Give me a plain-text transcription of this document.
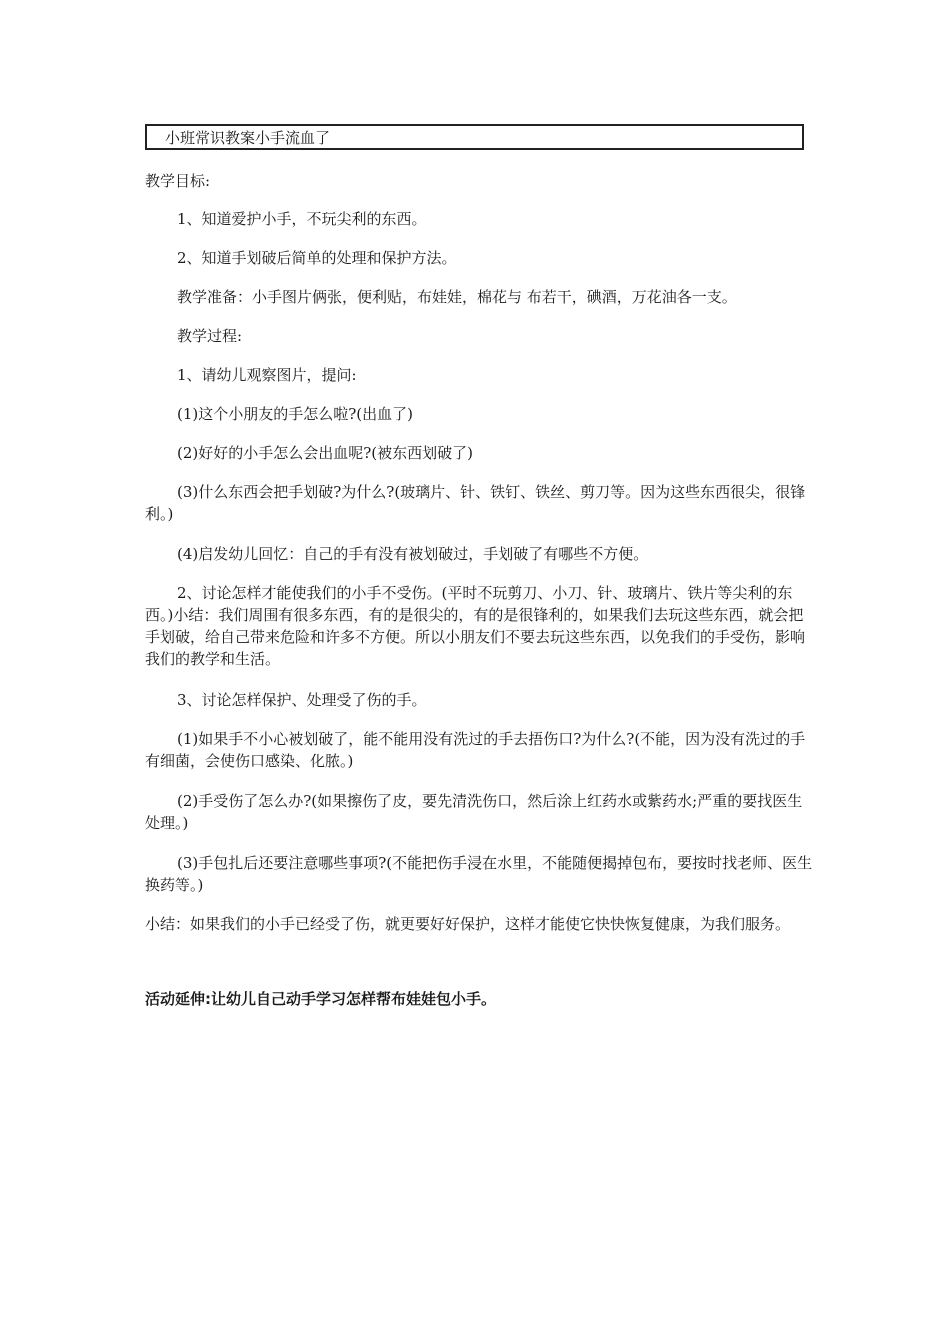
小班常识教案小手流血了

教学目标:

1、知道爱护小手，不玩尖利的东西。

2、知道手划破后简单的处理和保护方法。

教学准备：小手图片俩张，便利贴，布娃娃，棉花与 布若干，碘酒，万花油各一支。

教学过程:

1、请幼儿观察图片，提问:

(1)这个小朋友的手怎么啦?(出血了)

(2)好好的小手怎么会出血呢?(被东西划破了)

(3)什么东西会把手划破?为什么?(玻璃片、针、铁钉、铁丝、剪刀等。因为这些东西很尖，很锋利。)

(4)启发幼儿回忆：自己的手有没有被划破过，手划破了有哪些不方便。

2、讨论怎样才能使我们的小手不受伤。(平时不玩剪刀、小刀、针、玻璃片、铁片等尖利的东西。)小结：我们周围有很多东西，有的是很尖的，有的是很锋利的，如果我们去玩这些东西，就会把手划破，给自己带来危险和许多不方便。所以小朋友们不要去玩这些东西，以免我们的手受伤，影响我们的教学和生活。

3、讨论怎样保护、处理受了伤的手。

(1)如果手不小心被划破了，能不能用没有洗过的手去捂伤口?为什么?(不能，因为没有洗过的手有细菌，会使伤口感染、化脓。)

(2)手受伤了怎么办?(如果擦伤了皮，要先清洗伤口，然后涂上红药水或紫药水;严重的要找医生处理。)

(3)手包扎后还要注意哪些事项?(不能把伤手浸在水里，不能随便揭掉包布，要按时找老师、医生换药等。)

小结：如果我们的小手已经受了伤，就更要好好保护，这样才能使它快快恢复健康，为我们服务。

活动延伸:让幼儿自己动手学习怎样帮布娃娃包小手。
